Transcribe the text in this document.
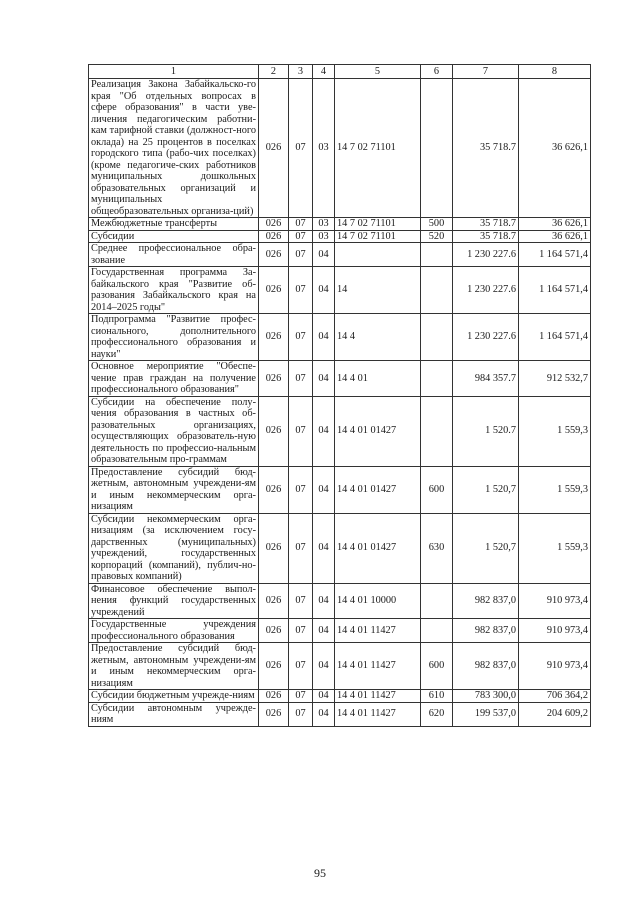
1	2	3	4	5	6	7	8
Реализация Закона Забайкальско-го края "Об отдельных вопросах в сфере образования" в части уве-личения педагогическим работни-кам тарифной ставки (должност-ного оклада) на 25 процентов в поселках городского типа (рабо-чих поселках) (кроме педагогиче-ских работников муниципальных дошкольных образовательных организаций и муниципальных общеобразовательных организа-ций)	026	07	03	14 7 02 71101		35 718.7	36 626,1
Межбюджетные трансферты	026	07	03	14 7 02 71101	500	35 718.7	36 626,1
Субсидии	026	07	03	14 7 02 71101	520	35 718.7	36 626,1
Среднее профессиональное обра-зование	026	07	04			1 230 227.6	1 164 571,4
Государственная программа За-байкальского края "Развитие об-разования Забайкальского края на 2014–2025 годы"	026	07	04	14		1 230 227.6	1 164 571,4
Подпрограмма "Развитие профес-сионального, дополнительного профессионального образования и науки"	026	07	04	14 4		1 230 227.6	1 164 571,4
Основное мероприятие "Обеспе-чение прав граждан на получение профессионального образования"	026	07	04	14 4 01		984 357.7	912 532,7
Субсидии на обеспечение полу-чения образования в частных об-разовательных организациях, осуществляющих образователь-ную деятельность по профессио-нальным образовательным про-граммам	026	07	04	14 4 01 01427		1 520.7	1 559,3
Предоставление субсидий бюд-жетным, автономным учреждени-ям и иным некоммерческим орга-низациям	026	07	04	14 4 01 01427	600	1 520,7	1 559,3
Субсидии некоммерческим орга-низациям (за исключением госу-дарственных (муниципальных) учреждений, государственных корпораций (компаний), публич-но-правовых компаний)	026	07	04	14 4 01 01427	630	1 520,7	1 559,3
Финансовое обеспечение выпол-нения функций государственных учреждений	026	07	04	14 4 01 10000		982 837,0	910 973,4
Государственные учреждения профессионального образования	026	07	04	14 4 01 11427		982 837,0	910 973,4
Предоставление субсидий бюд-жетным, автономным учреждени-ям и иным некоммерческим орга-низациям	026	07	04	14 4 01 11427	600	982 837,0	910 973,4
Субсидии бюджетным учрежде-ниям	026	07	04	14 4 01 11427	610	783 300,0	706 364,2
Субсидии автономным учрежде-ниям	026	07	04	14 4 01 11427	620	199 537,0	204 609,2
95
